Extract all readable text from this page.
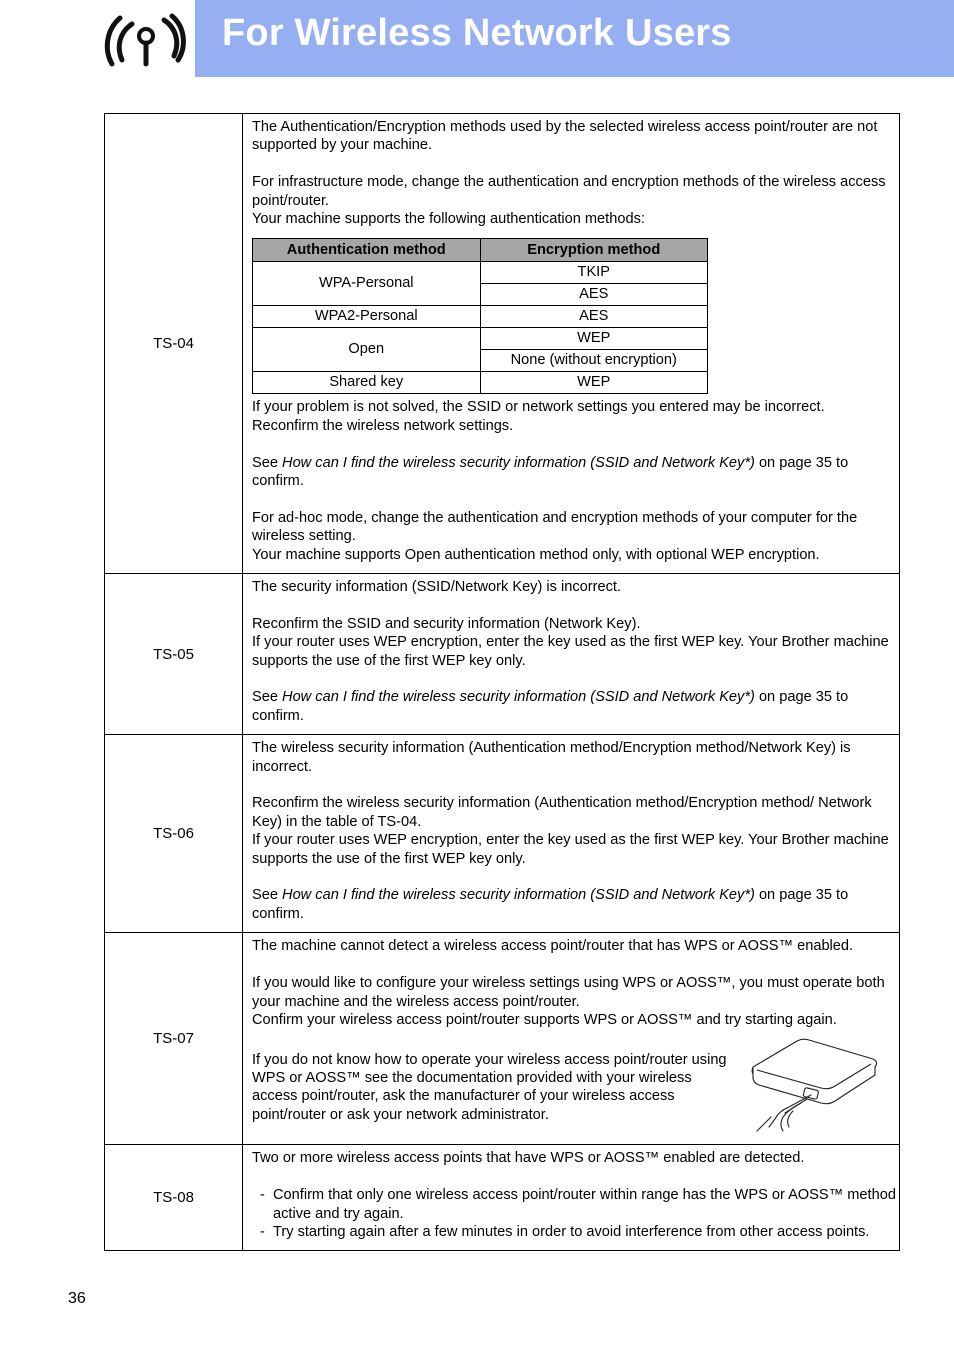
For Wireless Network Users
TS-04	

The Authentication/Encryption methods used by the selected wireless access point/router are not supported by your machine.

For infrastructure mode, change the authentication and encryption methods of the wireless access point/router.

Your machine supports the following authentication methods:

Authentication method	Encryption method
WPA-Personal	TKIP
AES
WPA2-Personal	AES
Open	WEP
None (without encryption)
Shared key	WEP

If your problem is not solved, the SSID or network settings you entered may be incorrect.

Reconfirm the wireless network settings.

See How can I find the wireless security information (SSID and Network Key*) on page 35 to confirm.

For ad-hoc mode, change the authentication and encryption methods of your computer for the wireless setting.

Your machine supports Open authentication method only, with optional WEP encryption.

TS-05	

The security information (SSID/Network Key) is incorrect.

Reconfirm the SSID and security information (Network Key).

If your router uses WEP encryption, enter the key used as the first WEP key. Your Brother machine supports the use of the first WEP key only.

See How can I find the wireless security information (SSID and Network Key*) on page 35 to confirm.

TS-06	

The wireless security information (Authentication method/Encryption method/Network Key) is incorrect.

Reconfirm the wireless security information (Authentication method/Encryption method/ Network Key) in the table of TS-04.

If your router uses WEP encryption, enter the key used as the first WEP key. Your Brother machine supports the use of the first WEP key only.

See How can I find the wireless security information (SSID and Network Key*) on page 35 to confirm.

TS-07	

The machine cannot detect a wireless access point/router that has WPS or AOSS™ enabled.

If you would like to configure your wireless settings using WPS or AOSS™, you must operate both your machine and the wireless access point/router.

Confirm your wireless access point/router supports WPS or AOSS™ and try starting again.

If you do not know how to operate your wireless access point/router using WPS or AOSS™ see the documentation provided with your wireless access point/router, ask the manufacturer of your wireless access point/router or ask your network administrator.

TS-08	

Two or more wireless access points that have WPS or AOSS™ enabled are detected.

- Confirm that only one wireless access point/router within range has the WPS or AOSS™ method active and try again.
- Try starting again after a few minutes in order to avoid interference from other access points.
36
